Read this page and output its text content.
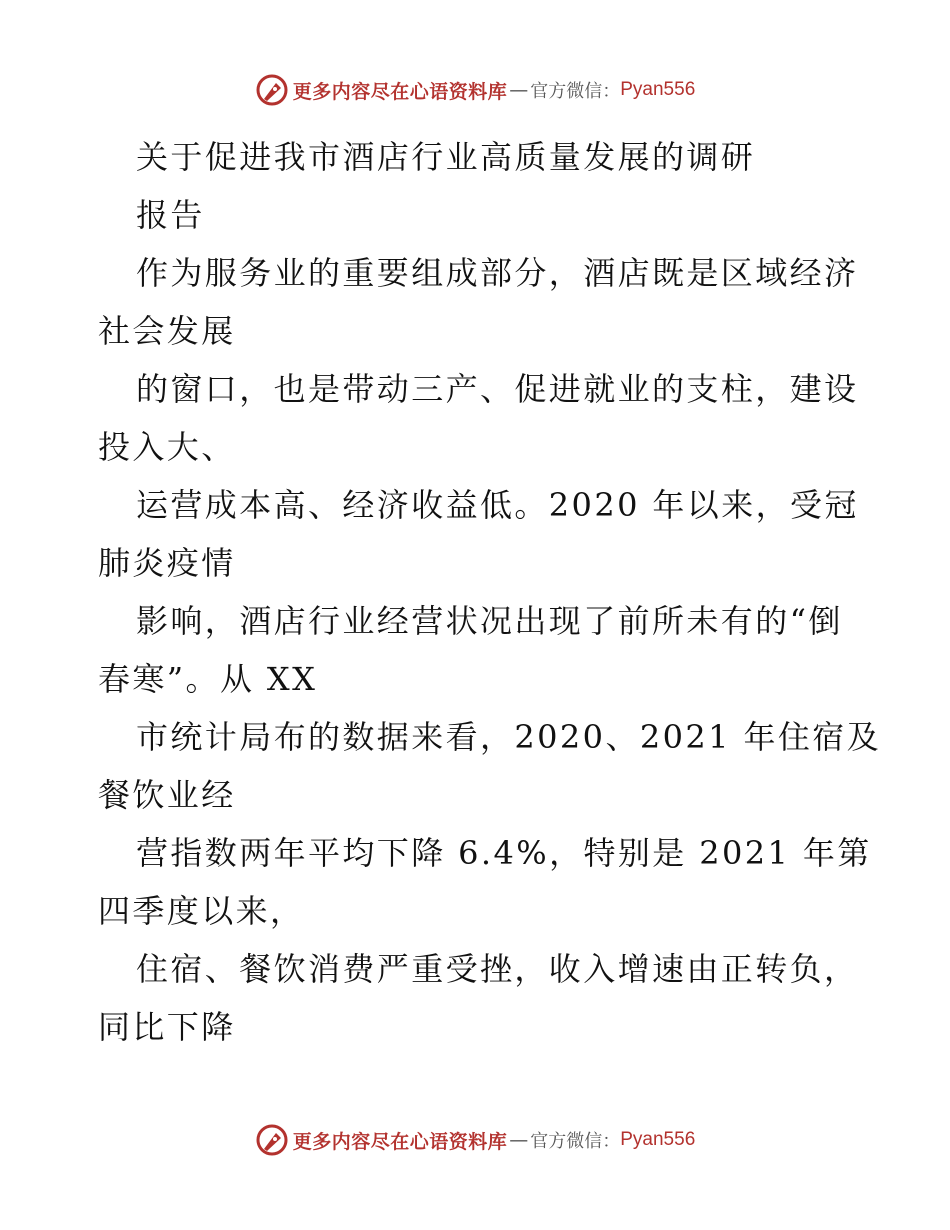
更多内容尽在心语资料库 — 官方微信： Pyan556
关于促进我市酒店行业高质量发展的调研
报告
作为服务业的重要组成部分，酒店既是区域经济
社会发展
的窗口，也是带动三产、促进就业的支柱，建设
投入大、
运营成本高、经济收益低。2020 年以来，受冠
肺炎疫情
影响，酒店行业经营状况出现了前所未有的“倒
春寒”。从 XX
市统计局布的数据来看，2020、2021 年住宿及
餐饮业经
营指数两年平均下降 6.4%，特别是 2021 年第
四季度以来，
住宿、餐饮消费严重受挫，收入增速由正转负，
同比下降
更多内容尽在心语资料库 — 官方微信： Pyan556
